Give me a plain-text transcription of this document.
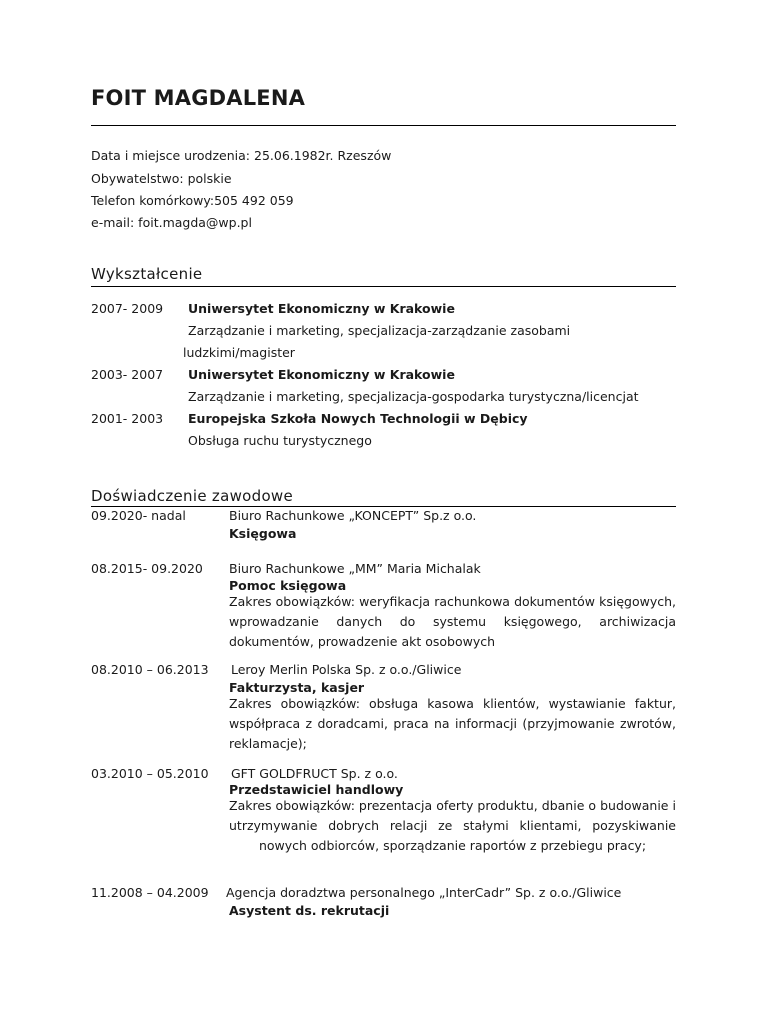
FOIT MAGDALENA
Data i miejsce urodzenia: 25.06.1982r. Rzeszów
Obywatelstwo: polskie
Telefon komórkowy:505 492 059
e-mail: foit.magda@wp.pl
Wykształcenie
2007- 2009 Uniwersytet Ekonomiczny w Krakowie
Zarządzanie i marketing, specjalizacja-zarządzanie zasobami
ludzkimi/magister
2003- 2007 Uniwersytet Ekonomiczny w Krakowie
Zarządzanie i marketing, specjalizacja-gospodarka turystyczna/licencjat
2001- 2003 Europejska Szkoła Nowych Technologii w Dębicy
Obsługa ruchu turystycznego
Doświadczenie zawodowe
09.2020- nadal	Biuro Rachunkowe „KONCEPT” Sp.z o.o.
Księgowa
08.2015- 09.2020 Biuro Rachunkowe „MM” Maria Michalak
Pomoc księgowa
Zakres obowiązków: weryfikacja rachunkowa dokumentów księgowych, wprowadzanie danych do systemu księgowego, archiwizacja dokumentów, prowadzenie akt osobowych
08.2010 – 06.2013 Leroy Merlin Polska Sp. z o.o./Gliwice
Fakturzysta, kasjer
Zakres obowiązków: obsługa kasowa klientów, wystawianie faktur, współpraca z doradcami, praca na informacji (przyjmowanie zwrotów, reklamacje);
03.2010 – 05.2010 GFT GOLDFRUCT Sp. z o.o.
Przedstawiciel handlowy
Zakres obowiązków: prezentacja oferty produktu, dbanie o budowanie i utrzymywanie dobrych relacji ze stałymi klientami, pozyskiwanie nowych odbiorców, sporządzanie raportów z przebiegu pracy;
11.2008 – 04.2009 Agencja doradztwa personalnego „InterCadr” Sp. z o.o./Gliwice
Asystent ds. rekrutacji
